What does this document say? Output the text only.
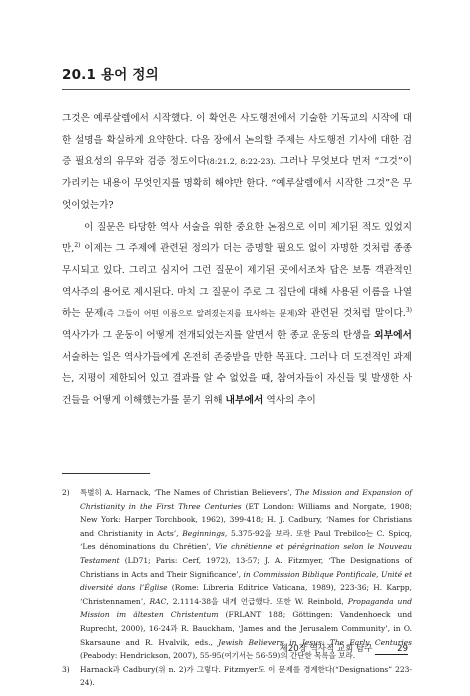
20.1 용어 정의

그것은 예루살렘에서 시작했다. 이 확언은 사도행전에서 기술한 기독교의 시작에 대한 설명을 확실하게 요약한다. 다음 장에서 논의할 주제는 사도행전 기사에 대한 검증 필요성의 유무와 검증 정도이다(8:21.2, 8:22-23). 그러나 무엇보다 먼저 “그것”이 가리키는 내용이 무엇인지를 명확히 해야만 한다. “예루살렘에서 시작한 그것”은 무엇이었는가?

이 질문은 타당한 역사 서술을 위한 중요한 논점으로 이미 제기된 적도 있었지만,$^{2)}$ 이제는 그 주제에 관련된 정의가 더는 증명할 필요도 없이 자명한 것처럼 종종 무시되고 있다. 그리고 심지어 그런 질문이 제기된 곳에서조차 답은 보통 객관적인 역사주의 용어로 제시된다. 마치 그 질문이 주로 그 집단에 대해 사용된 이름을 나열하는 문제(즉 그들이 어떤 이름으로 알려졌는지를 묘사하는 문제)와 관련된 것처럼 말이다.$^{3)}$ 역사가가 그 운동이 어떻게 전개되었는지를 알면서 한 종교 운동의 탄생을 외부에서 서술하는 일은 역사가들에게 온전히 존중받을 만한 목표다. 그러나 더 도전적인 과제는, 지평이 제한되어 있고 결과를 알 수 없었을 때, 참여자들이 자신들 및 발생한 사건들을 어떻게 이해했는가를 묻기 위해 내부에서 역사의 추이

2)	특별히 A. Harnack, ‘The Names of Christian Believers’, The Mission and Expansion of Christianity in the First Three Centuries (ET London: Williams and Norgate, 1908; New York: Harper Torchbook, 1962), 399-418; H. J. Cadbury, ‘Names for Christians and Christianity in Acts’, Beginnings, 5.375-92을 보라. 또한 Paul Trebilco는 C. Spicq, ‘Les dénominations du Chrétien’, Vie chrétienne et pérégrination selon le Nouveau Testament (LD71; Paris: Cerf, 1972), 13-57; J. A. Fitzmyer, ‘The Designations of Christians in Acts and Their Significance’, in Commission Biblique Pontificale, Unité et diversité dans l’Église (Rome: Libreria Editrice Vaticana, 1989), 223-36; H. Karpp, ‘Christennamen’, RAC, 2.1114-38을 내게 언급했다. 또한 W. Reinbold, Propaganda und Mission im ältesten Christentum (FRLANT 188; Göttingen: Vandenhoeck und Ruprecht, 2000), 16-24과 R. Bauckham, ‘James and the Jerusalem Community’, in O. Skarsaune and R. Hvalvik, eds., Jewish Believers in Jesus: The Early Centuries (Peabody: Hendrickson, 2007), 55-95(여기서는 56-59)의 간단한 목록을 보라.
3)	Harnack과 Cadbury(위 n. 2)가 그렇다. Fitzmyer도 이 문제를 경계한다(“Designations” 223-24).
제20장 역사적 교회 탐구	29
